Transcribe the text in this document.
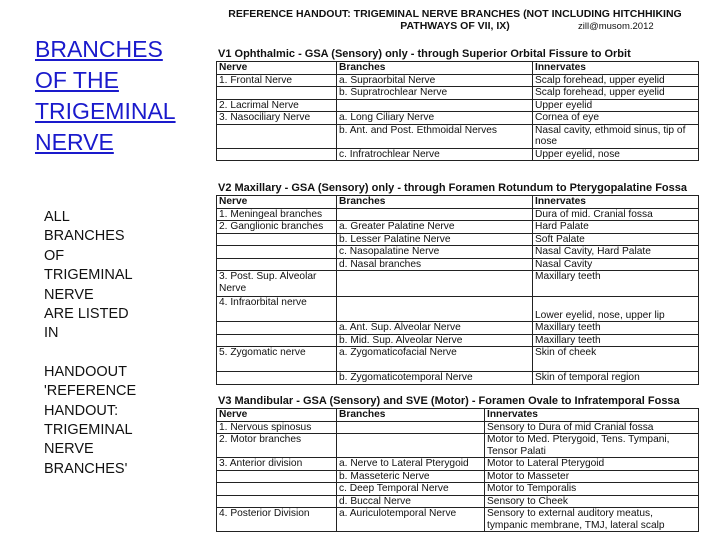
BRANCHES
OF THE
TRIGEMINAL
NERVE
ALL
BRANCHES
OF
TRIGEMINAL
NERVE
ARE LISTED
IN
HANDOOUT
'REFERENCE
HANDOUT:
TRIGEMINAL
NERVE
BRANCHES'
REFERENCE HANDOUT: TRIGEMINAL NERVE BRANCHES (NOT INCLUDING HITCHHIKING
PATHWAYS OF VII, IX)	zill@musom.2012
V1 Ophthalmic - GSA (Sensory) only - through Superior Orbital Fissure to Orbit
Nerve	Branches	Innervates
1. Frontal Nerve	a. Supraorbital Nerve	Scalp forehead, upper eyelid
	b. Supratrochlear Nerve	Scalp forehead, upper eyelid
2. Lacrimal Nerve		Upper eyelid
3. Nasociliary Nerve	a. Long Ciliary Nerve	Cornea of eye
	b. Ant. and Post. Ethmoidal Nerves	Nasal cavity, ethmoid sinus, tip of nose
	c. Infratrochlear Nerve	Upper eyelid, nose
V2 Maxillary - GSA (Sensory) only - through Foramen Rotundum to Pterygopalatine Fossa
Nerve	Branches	Innervates
1. Meningeal branches		Dura of mid. Cranial fossa
2. Ganglionic branches	a. Greater Palatine Nerve	Hard Palate
	b. Lesser Palatine Nerve	Soft Palate
	c. Nasopalatine Nerve	Nasal Cavity, Hard Palate
	d. Nasal branches	Nasal Cavity
3. Post. Sup. Alveolar Nerve		Maxillary teeth
4. Infraorbital nerve		Lower eyelid, nose, upper lip
	a. Ant. Sup. Alveolar Nerve	Maxillary teeth
	b. Mid. Sup. Alveolar Nerve	Maxillary teeth
5. Zygomatic nerve	a. Zygomaticofacial Nerve	Skin of cheek
	b. Zygomaticotemporal Nerve	Skin of temporal region
V3 Mandibular - GSA (Sensory) and SVE (Motor) - Foramen Ovale to Infratemporal Fossa
Nerve	Branches	Innervates
1. Nervous spinosus		Sensory to Dura of mid Cranial fossa
2. Motor branches		Motor to Med. Pterygoid, Tens. Tympani, Tensor Palati
3. Anterior division	a. Nerve to Lateral Pterygoid	Motor to Lateral Pterygoid
	b. Masseteric Nerve	Motor to Masseter
	c. Deep Temporal Nerve	Motor to Temporalis
	d. Buccal Nerve	Sensory to Cheek
4. Posterior Division	a. Auriculotemporal Nerve	Sensory to external auditory meatus, tympanic membrane, TMJ, lateral scalp
